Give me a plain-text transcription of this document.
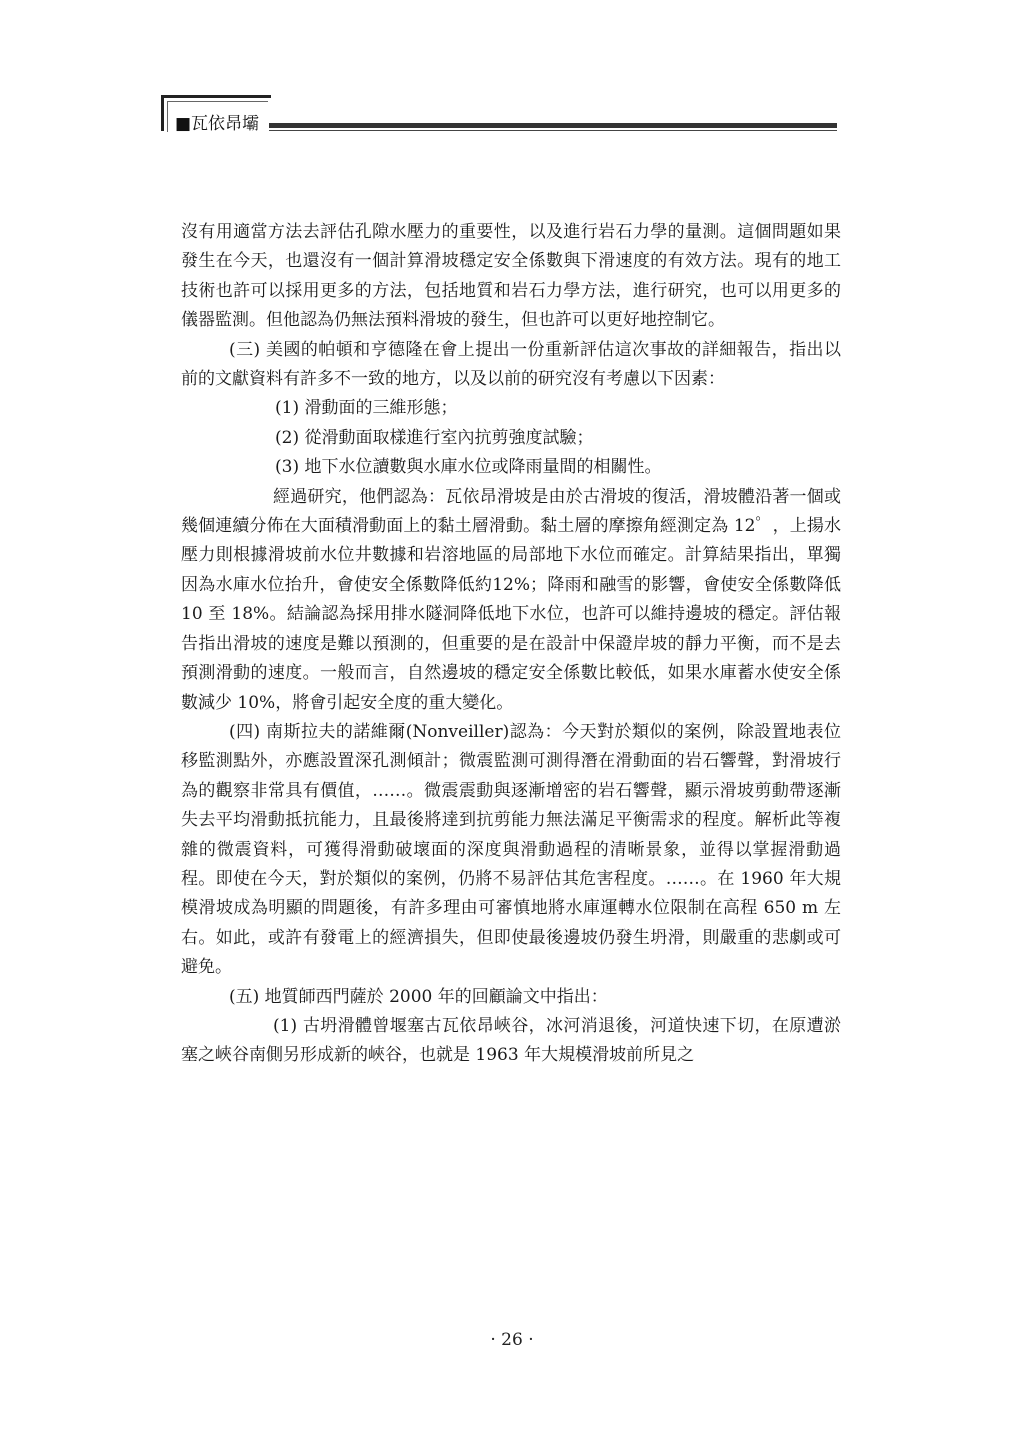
■瓦依昂壩

沒有用適當方法去評估孔隙水壓力的重要性，以及進行岩石力學的量測。這個問題如果發生在今天，也還沒有一個計算滑坡穩定安全係數與下滑速度的有效方法。現有的地工技術也許可以採用更多的方法，包括地質和岩石力學方法，進行研究，也可以用更多的儀器監測。但他認為仍無法預料滑坡的發生，但也許可以更好地控制它。

(三) 美國的帕頓和亨德隆在會上提出一份重新評估這次事故的詳細報告，指出以前的文獻資料有許多不一致的地方，以及以前的研究沒有考慮以下因素：

(1) 滑動面的三維形態；

(2) 從滑動面取樣進行室內抗剪強度試驗；

(3) 地下水位讀數與水庫水位或降雨量間的相關性。

經過研究，他們認為：瓦依昂滑坡是由於古滑坡的復活，滑坡體沿著一個或幾個連續分佈在大面積滑動面上的黏土層滑動。黏土層的摩擦角經測定為 12゜，上揚水壓力則根據滑坡前水位井數據和岩溶地區的局部地下水位而確定。計算結果指出，單獨因為水庫水位抬升，會使安全係數降低約12%；降雨和融雪的影響，會使安全係數降低 10 至 18%。結論認為採用排水隧洞降低地下水位，也許可以維持邊坡的穩定。評估報告指出滑坡的速度是難以預測的，但重要的是在設計中保證岸坡的靜力平衡，而不是去預測滑動的速度。一般而言，自然邊坡的穩定安全係數比較低，如果水庫蓄水使安全係數減少 10%，將會引起安全度的重大變化。

(四) 南斯拉夫的諾維爾(Nonveiller)認為：今天對於類似的案例，除設置地表位移監測點外，亦應設置深孔測傾計；微震監測可測得潛在滑動面的岩石響聲，對滑坡行為的觀察非常具有價值，……。微震震動與逐漸增密的岩石響聲，顯示滑坡剪動帶逐漸失去平均滑動抵抗能力，且最後將達到抗剪能力無法滿足平衡需求的程度。解析此等複雜的微震資料，可獲得滑動破壞面的深度與滑動過程的清晰景象，並得以掌握滑動過程。即使在今天，對於類似的案例，仍將不易評估其危害程度。……。在 1960 年大規模滑坡成為明顯的問題後，有許多理由可審慎地將水庫運轉水位限制在高程 650 m 左右。如此，或許有發電上的經濟損失，但即使最後邊坡仍發生坍滑，則嚴重的悲劇或可避免。

(五) 地質師西門薩於 2000 年的回顧論文中指出：

(1) 古坍滑體曾堰塞古瓦依昂峽谷，冰河消退後，河道快速下切，在原遭淤塞之峽谷南側另形成新的峽谷，也就是 1963 年大規模滑坡前所見之

· 26 ·
